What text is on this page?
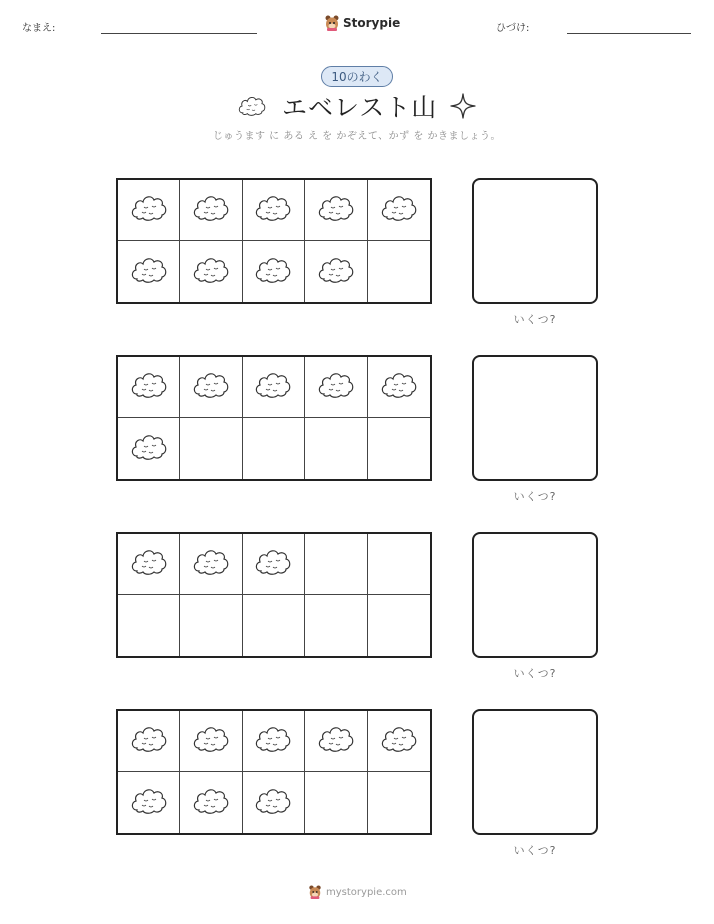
なまえ:	Storypie	ひづけ:
10のわく
エベレスト山
じゅうます に ある え を かぞえて、かず を かきましょう。
いくつ?
いくつ?
いくつ?
いくつ?
mystorypie.com
